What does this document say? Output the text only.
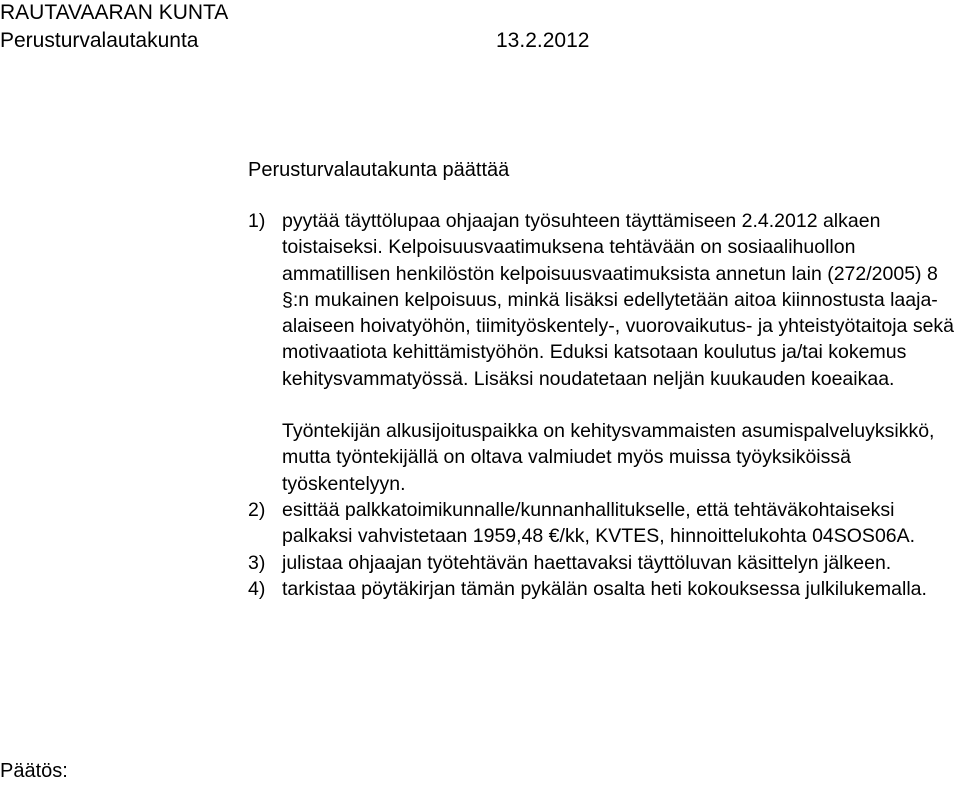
RAUTAVAARAN KUNTA
Perusturvalautakunta	13.2.2012
Perusturvalautakunta päättää
1) pyytää täyttölupaa ohjaajan työsuhteen täyttämiseen 2.4.2012 alkaen toistaiseksi. Kelpoisuusvaatimuksena tehtävään on sosiaalihuollon ammatillisen henkilöstön kelpoisuusvaatimuksista annetun lain (272/2005) 8 §:n mukainen kelpoisuus, minkä lisäksi edellytetään aitoa kiinnostusta laaja-alaiseen hoivatyöhön, tiimityöskentely-, vuorovaikutus- ja yhteistyötaitoja sekä motivaatiota kehittämistyöhön. Eduksi katsotaan koulutus ja/tai kokemus kehitysvammatyössä. Lisäksi noudatetaan neljän kuukauden koeaikaa.
Työntekijän alkusijoituspaikka on kehitysvammaisten asumispalveluyksikkö, mutta työntekijällä on oltava valmiudet myös muissa työyksiköissä työskentelyyn.
2) esittää palkkatoimikunnalle/kunnanhallitukselle, että tehtäväkohtaiseksi palkaksi vahvistetaan 1959,48 €/kk, KVTES, hinnoittelukohta 04SOS06A.
3) julistaa ohjaajan työtehtävän haettavaksi täyttöluvan käsittelyn jälkeen.
4) tarkistaa pöytäkirjan tämän pykälän osalta heti kokouksessa julkilukemalla.
Päätös:
